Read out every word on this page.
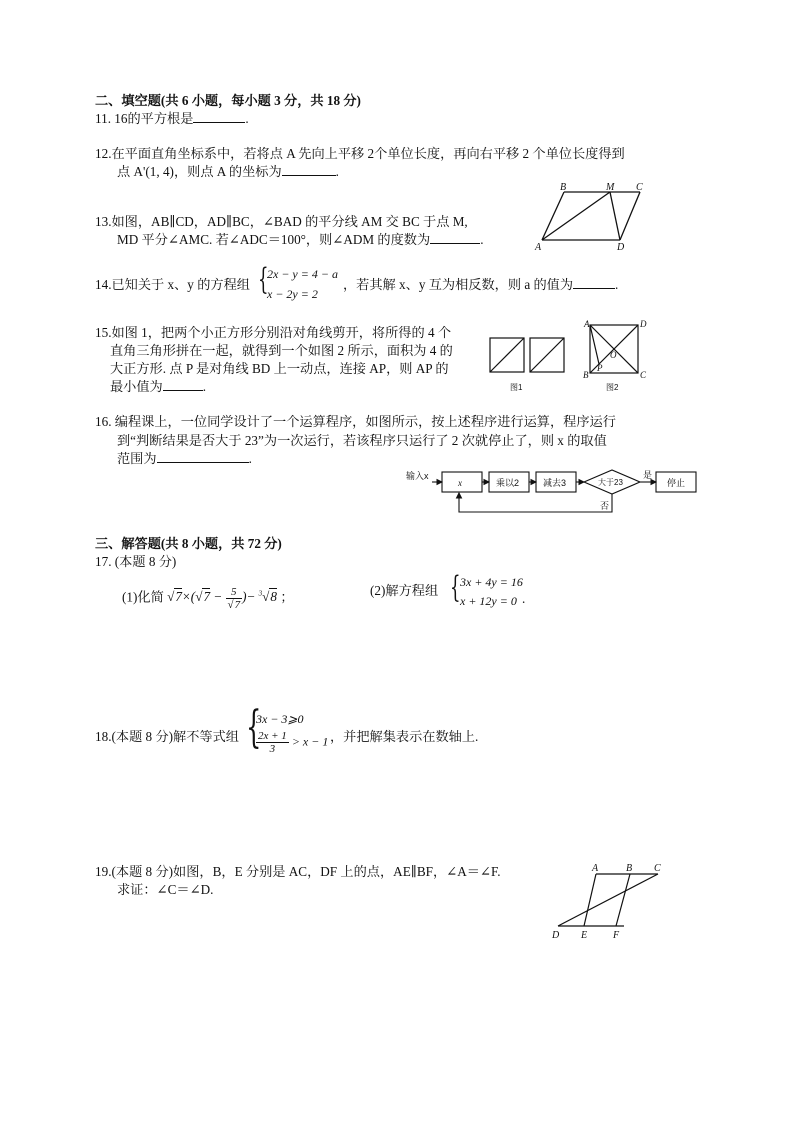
二、填空题(共 6 小题，每小题 3 分，共 18 分)
11. 16的平方根是	.
12.在平面直角坐标系中，若将点 A 先向上平移 2个单位长度，再向右平移 2 个单位长度得到
点 A'(1, 4)，则点 A 的坐标为	.
13.如图，AB∥CD，AD∥BC，∠BAD 的平分线 AM 交 BC 于点 M,
MD 平分∠AMC. 若∠ADC＝100°，则∠ADM 的度数为	.
B	M C
A	D
14.已知关于 x、y 的方程组 {
2x − y = 4 − a
x − 2y = 2
，若其解 x、y 互为相反数，则 a 的值为	.
15.如图 1，把两个小正方形分别沿对角线剪开，将所得的 4 个
直角三角形拼在一起，就得到一个如图 2 所示，面积为 4 的
大正方形. 点 P 是对角线 BD 上一动点，连接 AP，则 AP 的
最小值为	.
A	D
B	C
O
P
图1	图2
16. 编程课上，一位同学设计了一个运算程序，如图所示，按上述程序进行运算，程序运行
到“判断结果是否大于 23”为一次运行，若该程序只运行了 2 次就停止了，则 x 的取值
范围为	.
输入x
x	乘以2	减去3	大于23
是
停止
否
三、解答题(共 8 小题，共 72 分)
17. (本题 8 分)
(1)化简 $√7\times(√7 - \frac{5}{√7}$ )− $^3$√8 ；	(2)解方程组 { 3x + 4y = 16
x + 12y = 0 .
18.(本题 8 分)解不等式组 {
3x − 3⩾0
$\frac{2x + 1}{3} > x - 1$ ，并把解集表示在数轴上.
19.(本题 8 分)如图，B，E 分别是 AC，DF 上的点，AE∥BF，∠A＝∠F.
求证：∠C＝∠D.
A	B C
D E	F
